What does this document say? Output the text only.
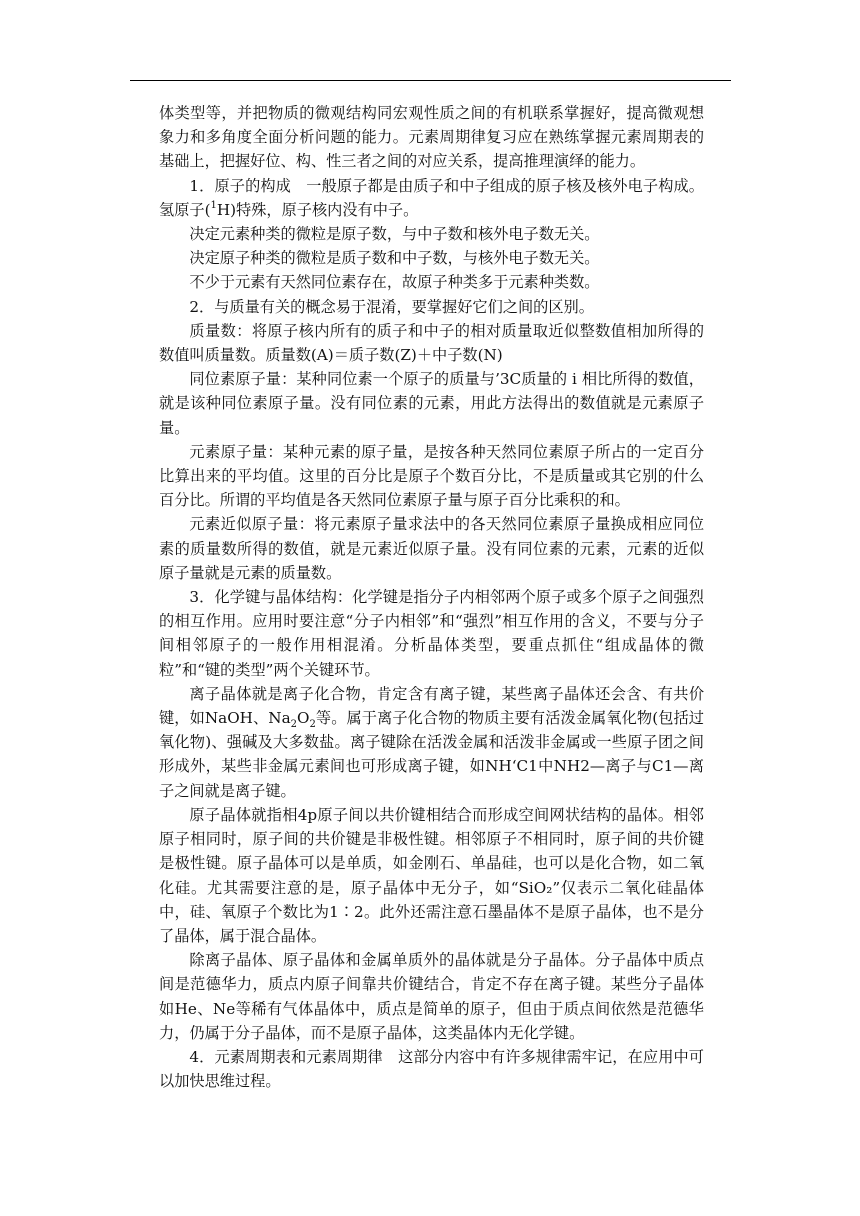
体类型等，并把物质的微观结构同宏观性质之间的有机联系掌握好，提高微观想象力和多角度全面分析问题的能力。元素周期律复习应在熟练掌握元素周期表的基础上，把握好位、构、性三者之间的对应关系，提高推理演绎的能力。

1．原子的构成　一般原子都是由质子和中子组成的原子核及核外电子构成。氢原子($^1$H)特殊，原子核内没有中子。

决定元素种类的微粒是原子数，与中子数和核外电子数无关。

决定原子种类的微粒是质子数和中子数，与核外电子数无关。

不少于元素有天然同位素存在，故原子种类多于元素种类数。

2．与质量有关的概念易于混淆，要掌握好它们之间的区别。

质量数：将原子核内所有的质子和中子的相对质量取近似整数值相加所得的数值叫质量数。质量数(A)＝质子数(Z)＋中子数(N)

同位素原子量：某种同位素一个原子的质量与’3C质量的 i 相比所得的数值，就是该种同位素原子量。没有同位素的元素，用此方法得出的数值就是元素原子量。

元素原子量：某种元素的原子量，是按各种天然同位素原子所占的一定百分比算出来的平均值。这里的百分比是原子个数百分比，不是质量或其它别的什么百分比。所谓的平均值是各天然同位素原子量与原子百分比乘积的和。

元素近似原子量：将元素原子量求法中的各天然同位素原子量换成相应同位素的质量数所得的数值，就是元素近似原子量。没有同位素的元素，元素的近似原子量就是元素的质量数。

3．化学键与晶体结构：化学键是指分子内相邻两个原子或多个原子之间强烈的相互作用。应用时要注意“分子内相邻”和“强烈”相互作用的含义，不要与分子间相邻原子的一般作用相混淆。分析晶体类型，要重点抓住“组成晶体的微粒”和“键的类型”两个关键环节。

离子晶体就是离子化合物，肯定含有离子键，某些离子晶体还会含、有共价键，如NaOH、$Na_2O_2$等。属于离子化合物的物质主要有活泼金属氧化物(包括过氧化物)、强碱及大多数盐。离子键除在活泼金属和活泼非金属或一些原子团之间形成外，某些非金属元素间也可形成离子键，如NH‘C1中NH2—离子与C1—离子之间就是离子键。

原子晶体就指相4p原子间以共价键相结合而形成空间网状结构的晶体。相邻原子相同时，原子间的共价键是非极性键。相邻原子不相同时，原子间的共价键是极性键。原子晶体可以是单质，如金刚石、单晶硅，也可以是化合物，如二氧化硅。尤其需要注意的是，原子晶体中无分子，如“SiO₂”仅表示二氧化硅晶体中，硅、氧原子个数比为1∶2。此外还需注意石墨晶体不是原子晶体，也不是分了晶体，属于混合晶体。

除离子晶体、原子晶体和金属单质外的晶体就是分子晶体。分子晶体中质点间是范德华力，质点内原子间靠共价键结合，肯定不存在离子键。某些分子晶体如He、Ne等稀有气体晶体中，质点是简单的原子，但由于质点间依然是范德华力，仍属于分子晶体，而不是原子晶体，这类晶体内无化学键。

4．元素周期表和元素周期律　这部分内容中有许多规律需牢记，在应用中可以加快思维过程。
